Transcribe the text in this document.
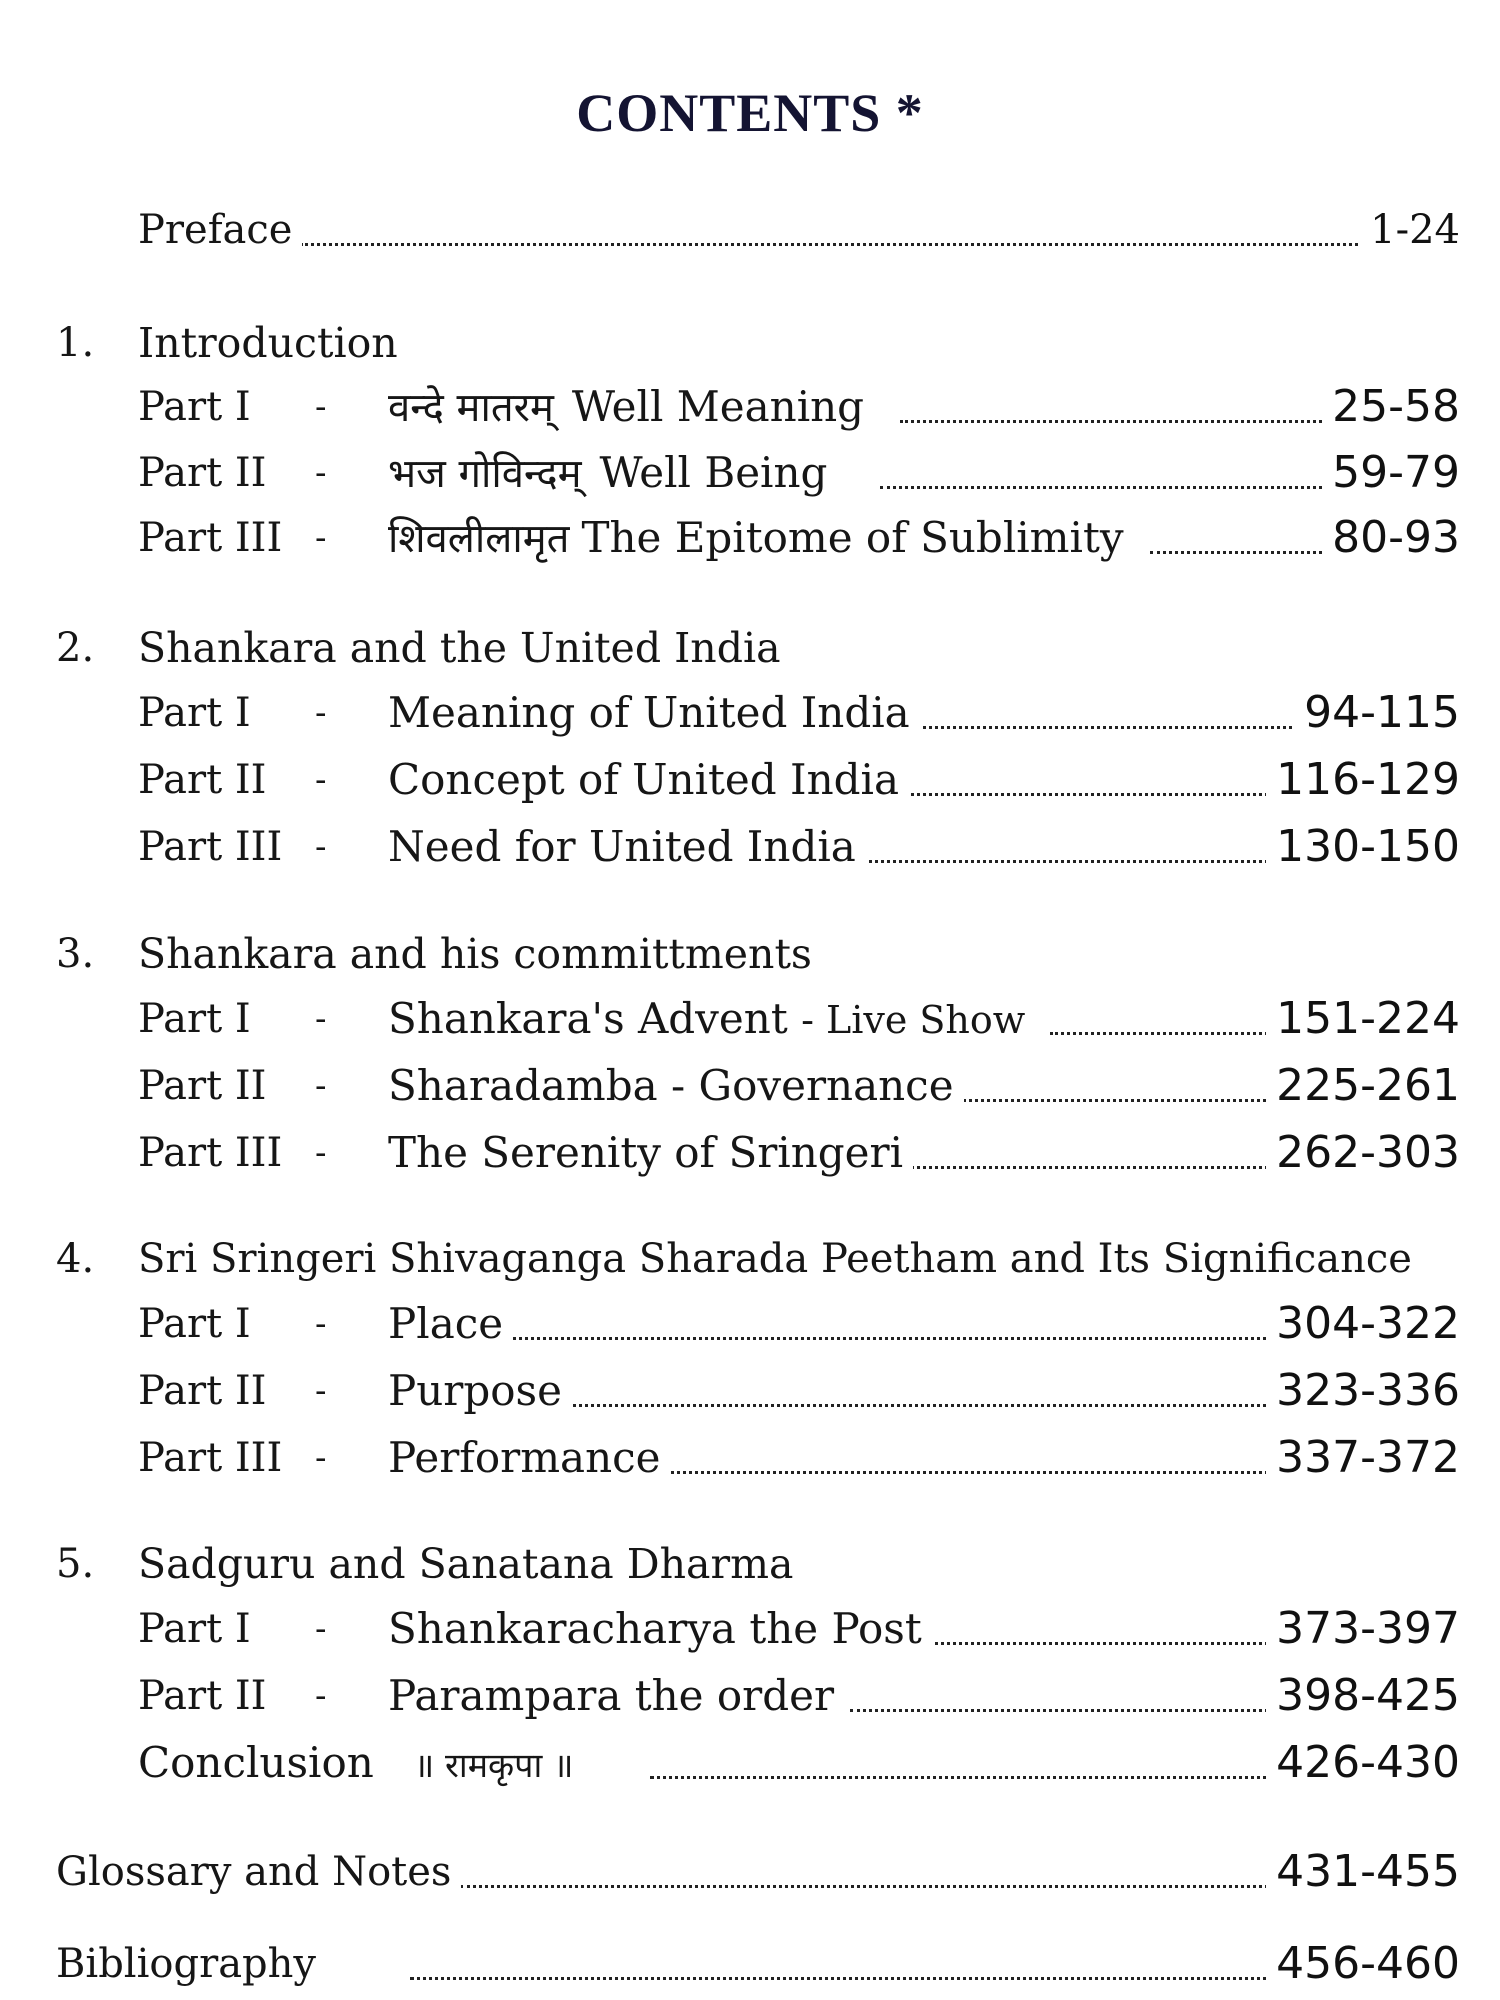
CONTENTS *
Preface	1-24
1. Introduction
Part I - वन्दे मातरम् Well Meaning	25-58
Part II - भज गोविन्दम् Well Being	59-79
Part III - शिवलीलामृत The Epitome of Sublimity	80-93
2. Shankara and the United India
Part I - Meaning of United India	94-115
Part II - Concept of United India	116-129
Part III - Need for United India	130-150
3. Shankara and his committments
Part I - Shankara's Advent - Live Show	151-224
Part II - Sharadamba - Governance	225-261
Part III - The Serenity of Sringeri	262-303
4. Sri Sringeri Shivaganga Sharada Peetham and Its Significance
Part I - Place	304-322
Part II - Purpose	323-336
Part III - Performance	337-372
5. Sadguru and Sanatana Dharma
Part I - Shankaracharya the Post	373-397
Part II - Parampara the order	398-425
Conclusion ॥ रामकृपा ॥	426-430
Glossary and Notes	431-455
Bibliography	456-460
